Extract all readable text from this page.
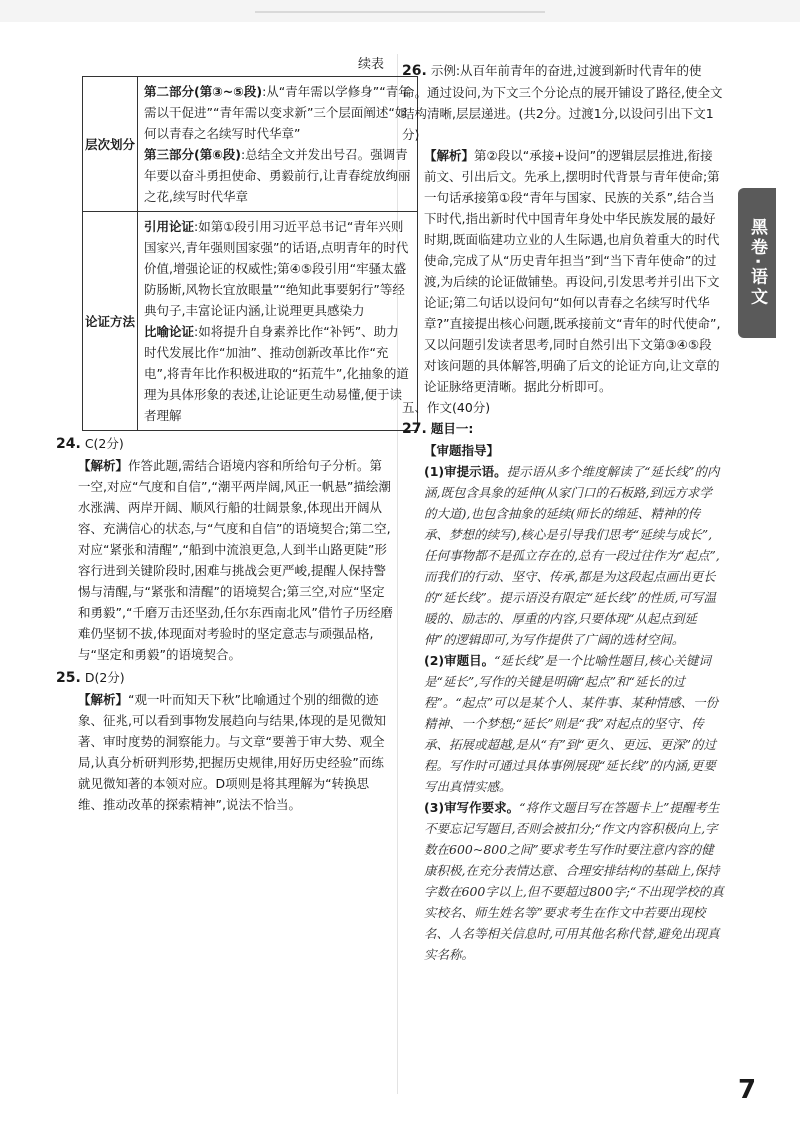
续表
层次划分	第二部分(第③~⑤段):从“青年需以学修身”“青年需以干促进”“青年需以变求新”三个层面阐述“如何以青春之名续写时代华章”
第三部分(第⑥段):总结全文并发出号召。强调青年要以奋斗勇担使命、勇毅前行,让青春绽放绚丽之花,续写时代华章
论证方法	引用论证:如第①段引用习近平总书记“青年兴则国家兴,青年强则国家强”的话语,点明青年的时代价值,增强论证的权威性;第④⑤段引用“牢骚太盛防肠断,风物长宜放眼量”“绝知此事要躬行”等经典句子,丰富论证内涵,让说理更具感染力
比喻论证:如将提升自身素养比作“补钙”、助力时代发展比作“加油”、推动创新改革比作“充电”,将青年比作积极进取的“拓荒牛”,化抽象的道理为具体形象的表述,让论证更生动易懂,便于读者理解
24. C(2分)
【解析】作答此题,需结合语境内容和所给句子分析。第一空,对应“气度和自信”,“潮平两岸阔,风正一帆悬”描绘潮水涨满、两岸开阔、顺风行船的壮阔景象,体现出开阔从容、充满信心的状态,与“气度和自信”的语境契合;第二空,对应“紧张和清醒”,“船到中流浪更急,人到半山路更陡”形容行进到关键阶段时,困难与挑战会更严峻,提醒人保持警惕与清醒,与“紧张和清醒”的语境契合;第三空,对应“坚定和勇毅”,“千磨万击还坚劲,任尔东西南北风”借竹子历经磨难仍坚韧不拔,体现面对考验时的坚定意志与顽强品格,与“坚定和勇毅”的语境契合。
25. D(2分)
【解析】“观一叶而知天下秋”比喻通过个别的细微的迹象、征兆,可以看到事物发展趋向与结果,体现的是见微知著、审时度势的洞察能力。与文章“要善于审大势、观全局,认真分析研判形势,把握历史规律,用好历史经验”而练就见微知著的本领对应。D项则是将其理解为“转换思维、推动改革的探索精神”,说法不恰当。
26. 示例:从百年前青年的奋进,过渡到新时代青年的使命。通过设问,为下文三个分论点的展开铺设了路径,使全文结构清晰,层层递进。(共2分。过渡1分,以设问引出下文1分)
【解析】第②段以“承接+设问”的逻辑层层推进,衔接前文、引出后文。先承上,摆明时代背景与青年使命;第一句话承接第①段“青年与国家、民族的关系”,结合当下时代,指出新时代中国青年身处中华民族发展的最好时期,既面临建功立业的人生际遇,也肩负着重大的时代使命,完成了从“历史青年担当”到“当下青年使命”的过渡,为后续的论证做铺垫。再设问,引发思考并引出下文论证;第二句话以设问句“如何以青春之名续写时代华章?”直接提出核心问题,既承接前文“青年的时代使命”,又以问题引发读者思考,同时自然引出下文第③④⑤段对该问题的具体解答,明确了后文的论证方向,让文章的论证脉络更清晰。据此分析即可。
五、作文(40分)
27. 题目一:
【审题指导】
(1)审提示语。提示语从多个维度解读了“延长线”的内涵,既包含具象的延伸(从家门口的石板路,到远方求学的大道),也包含抽象的延续(师长的绵延、精神的传承、梦想的续写),核心是引导我们思考“延续与成长”,任何事物都不是孤立存在的,总有一段过往作为“起点”,而我们的行动、坚守、传承,都是为这段起点画出更长的“延长线”。提示语没有限定“延长线”的性质,可写温暖的、励志的、厚重的内容,只要体现“从起点到延伸”的逻辑即可,为写作提供了广阔的选材空间。
(2)审题目。“延长线”是一个比喻性题目,核心关键词是“延长”,写作的关键是明确“起点”和“延长的过程”。“起点”可以是某个人、某件事、某种情感、一份精神、一个梦想;“延长”则是“我”对起点的坚守、传承、拓展或超越,是从“有”到“更久、更远、更深”的过程。写作时可通过具体事例展现“延长线”的内涵,更要写出真情实感。
(3)审写作要求。“将作文题目写在答题卡上”提醒考生不要忘记写题目,否则会被扣分;“作文内容积极向上,字数在600~800之间”要求考生写作时要注意内容的健康积极,在充分表情达意、合理安排结构的基础上,保持字数在600字以上,但不要超过800字;“不出现学校的真实校名、师生姓名等”要求考生在作文中若要出现校名、人名等相关信息时,可用其他名称代替,避免出现真实名称。
黑卷·语文
7
